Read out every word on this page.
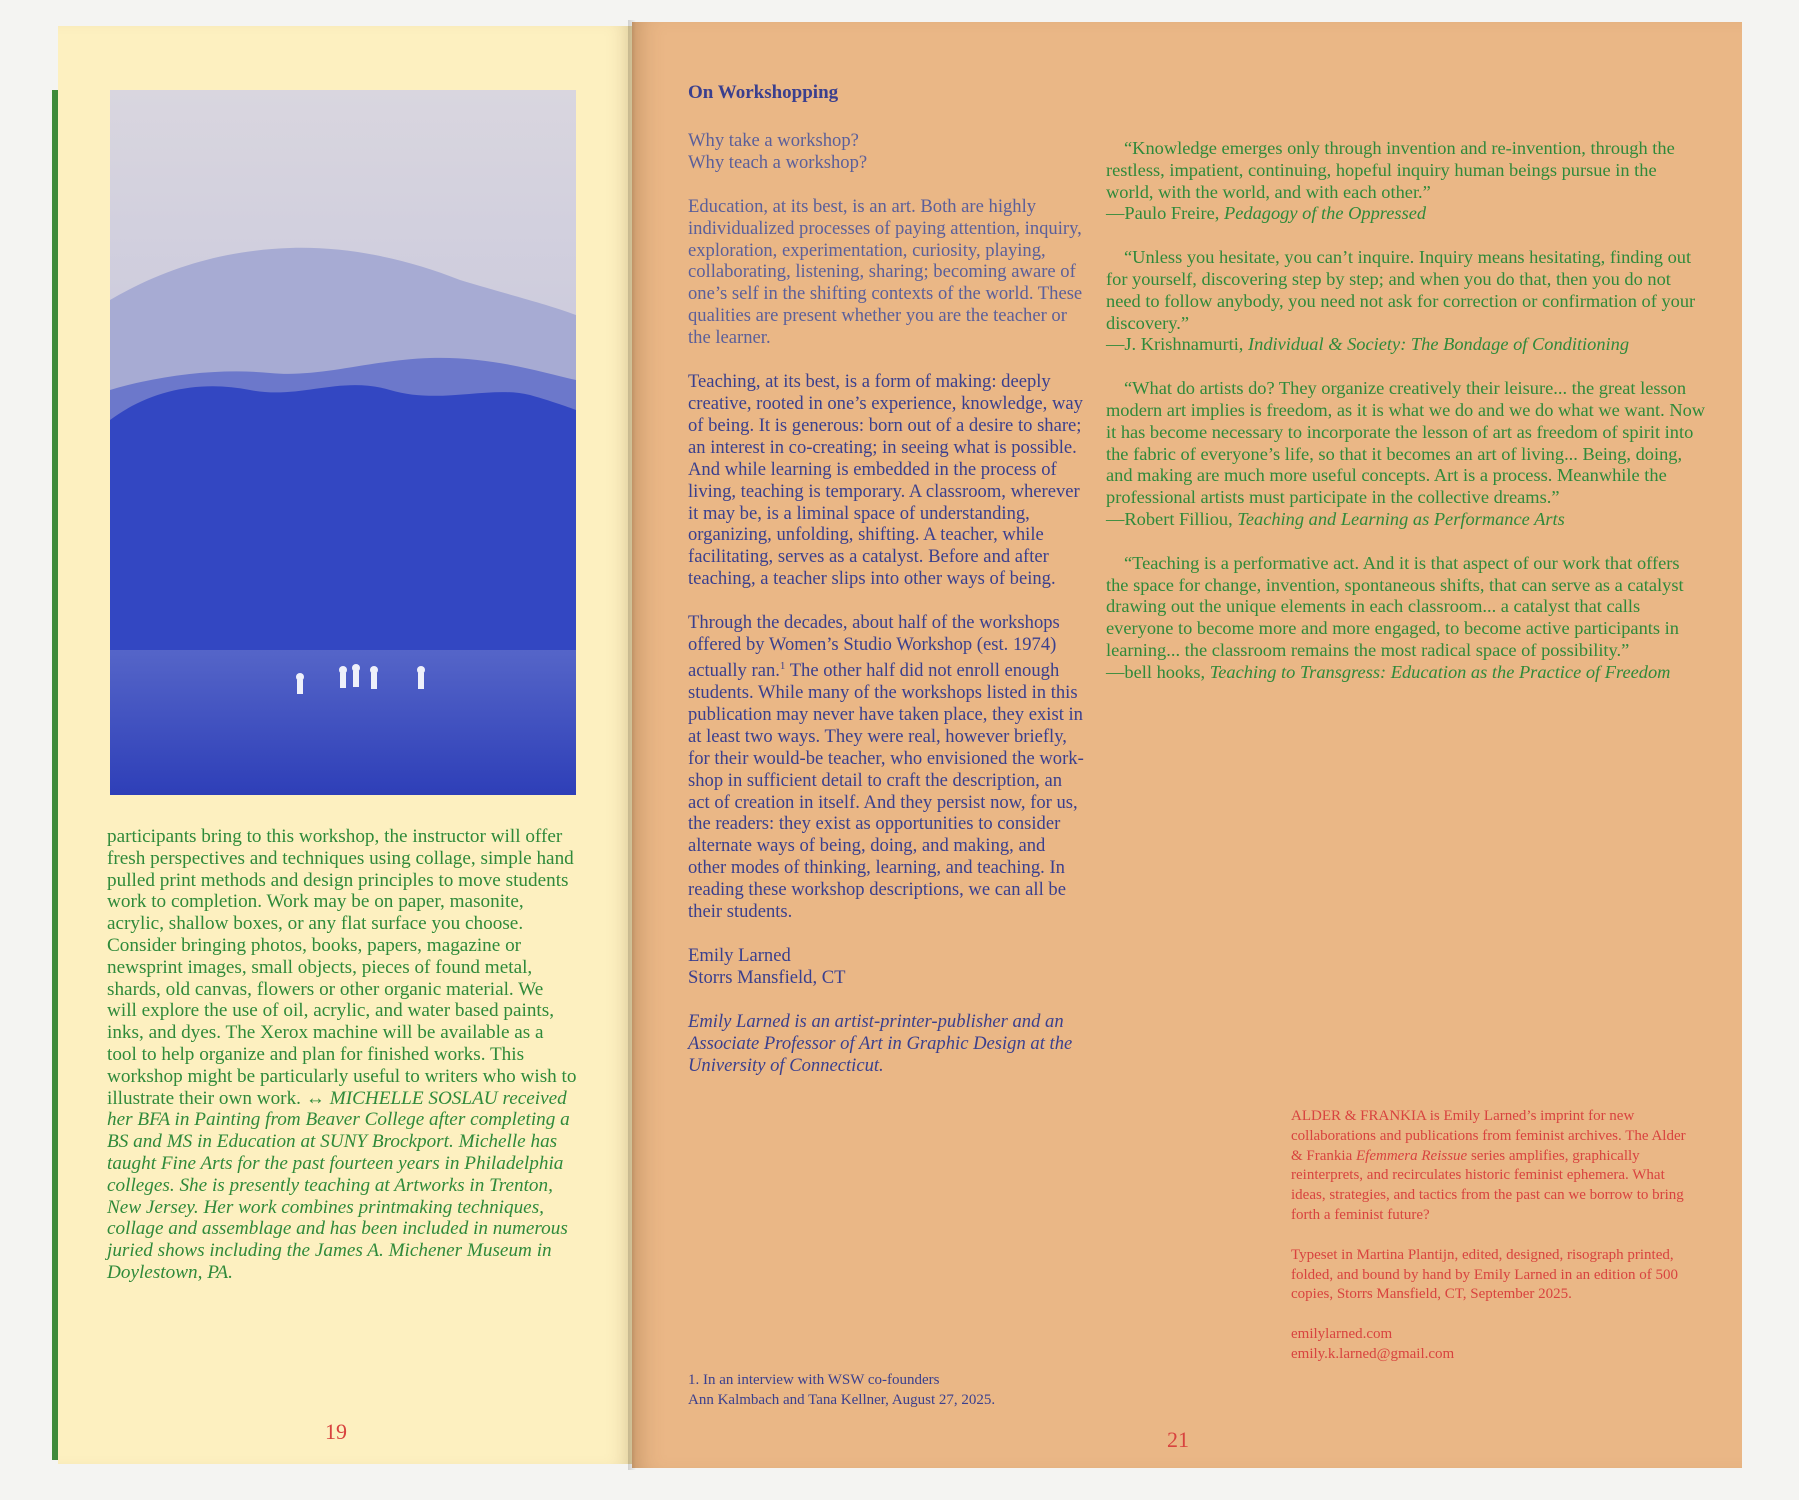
participants bring to this workshop, the instructor will offer fresh perspectives and techniques using collage, simple hand pulled print methods and design principles to move students work to completion. Work may be on paper, masonite, acrylic, shallow boxes, or any flat surface you choose. Consider bringing photos, books, papers, magazine or newsprint images, small objects, pieces of found metal, shards, old canvas, flowers or other organic material. We will explore the use of oil, acrylic, and water based paints, inks, and dyes. The Xerox machine will be available as a tool to help organize and plan for finished works. This workshop might be particularly useful to writers who wish to illustrate their own work. ↔ MICHELLE SOSLAU received her BFA in Painting from Beaver College after completing a BS and MS in Education at SUNY Brockport. Michelle has taught Fine Arts for the past fourteen years in Philadelphia colleges. She is presently teaching at Artworks in Trenton, New Jersey. Her work combines printmaking techniques, collage and assemblage and has been included in numerous juried shows including the James A. Michener Museum in Doylestown, PA.
19

On Workshopping

Why take a workshop?
Why teach a workshop?

Education, at its best, is an art. Both are highly individualized processes of paying attention, inquiry, exploration, experimentation, curiosity, playing, collaborating, listening, sharing; becoming aware of one’s self in the shifting contexts of the world. These qualities are present whether you are the teacher or the learner.

Teaching, at its best, is a form of making: deeply creative, rooted in one’s experience, knowledge, way of being. It is generous: born out of a desire to share; an interest in co-creating; in seeing what is possible. And while learning is embedded in the process of living, teaching is temporary. A classroom, wherever it may be, is a liminal space of understanding, organizing, unfolding, shifting. A teacher, while facilitating, serves as a catalyst. Before and after teaching, a teacher slips into other ways of being.

Through the decades, about half of the workshops offered by Women’s Studio Workshop (est. 1974) actually ran.$^1$ The other half did not enroll enough students. While many of the workshops listed in this publication may never have taken place, they exist in at least two ways. They were real, however briefly, for their would-be teacher, who envisioned the work-shop in sufficient detail to craft the description, an act of creation in itself. And they persist now, for us, the readers: they exist as opportunities to consider alternate ways of being, doing, and making, and other modes of thinking, learning, and teaching. In reading these workshop descriptions, we can all be their students.

Emily Larned
Storrs Mansfield, CT

Emily Larned is an artist-printer-publisher and an Associate Professor of Art in Graphic Design at the University of Connecticut.

1. In an interview with WSW co-founders
Ann Kalmbach and Tana Kellner, August 27, 2025.
“Knowledge emerges only through invention and re-invention, through the restless, impatient, continuing, hopeful inquiry human beings pursue in the world, with the world, and with each other.”
—Paulo Freire, Pedagogy of the Oppressed
“Unless you hesitate, you can’t inquire. Inquiry means hesitating, finding out for yourself, discovering step by step; and when you do that, then you do not need to follow anybody, you need not ask for correction or confirmation of your discovery.”
—J. Krishnamurti, Individual & Society: The Bondage of Conditioning
“What do artists do? They organize creatively their leisure... the great lesson modern art implies is freedom, as it is what we do and we do what we want. Now it has become necessary to incorporate the lesson of art as freedom of spirit into the fabric of everyone’s life, so that it becomes an art of living... Being, doing, and making are much more useful concepts. Art is a process. Meanwhile the professional artists must participate in the collective dreams.”
—Robert Filliou, Teaching and Learning as Performance Arts
“Teaching is a performative act. And it is that aspect of our work that offers the space for change, invention, spontaneous shifts, that can serve as a catalyst drawing out the unique elements in each classroom... a catalyst that calls everyone to become more and more engaged, to become active participants in learning... the classroom remains the most radical space of possibility.”
—bell hooks, Teaching to Transgress: Education as the Practice of Freedom

ALDER & FRANKIA is Emily Larned’s imprint for new collaborations and publications from feminist archives. The Alder & Frankia Efemmera Reissue series amplifies, graphically reinterprets, and recirculates historic feminist ephemera. What ideas, strategies, and tactics from the past can we borrow to bring forth a feminist future?

Typeset in Martina Plantijn, edited, designed, risograph printed, folded, and bound by hand by Emily Larned in an edition of 500 copies, Storrs Mansfield, CT, September 2025.

emilylarned.com
emily.k.larned@gmail.com

21
